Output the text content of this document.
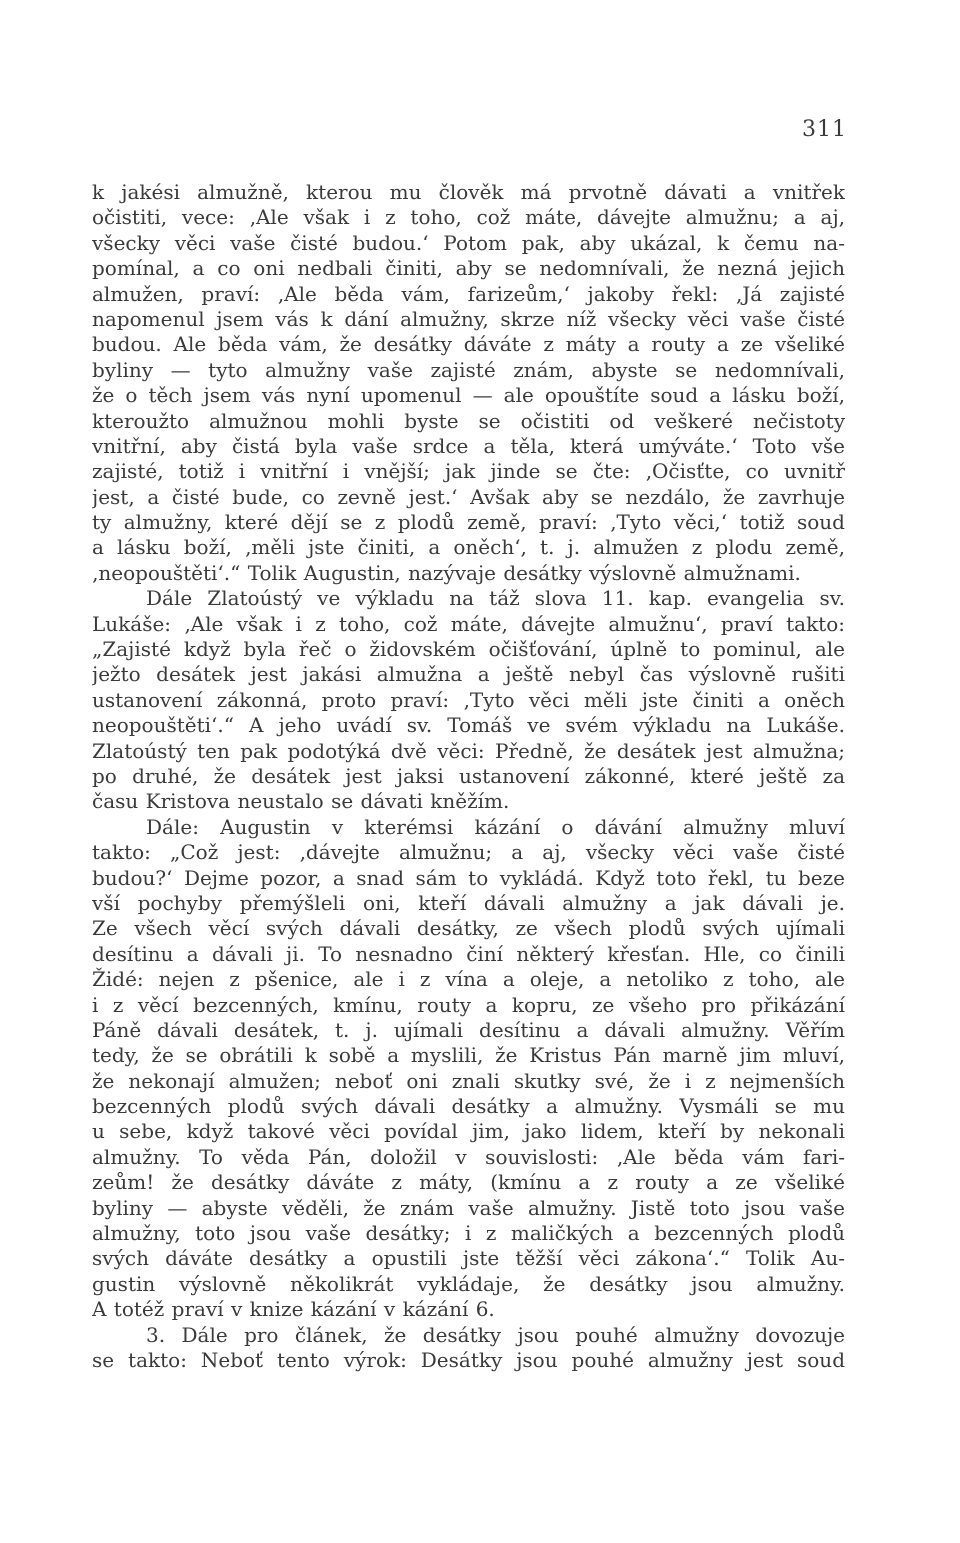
311
k jakési almužně, kterou mu člověk má prvotně dávati a vnitřek
očistiti, vece: ‚Ale však i z toho, což máte, dávejte almužnu; a aj,
všecky věci vaše čisté budou.‘ Potom pak, aby ukázal, k čemu na-
pomínal, a co oni nedbali činiti, aby se nedomnívali, že nezná jejich
almužen, praví: ‚Ale běda vám, farizeům,‘ jakoby řekl: ‚Já zajisté
napomenul jsem vás k dání almužny, skrze níž všecky věci vaše čisté
budou. Ale běda vám, že desátky dáváte z máty a routy a ze všeliké
byliny — tyto almužny vaše zajisté znám, abyste se nedomnívali,
že o těch jsem vás nyní upomenul — ale opouštíte soud a lásku boží,
kteroužto almužnou mohli byste se očistiti od veškeré nečistoty
vnitřní, aby čistá byla vaše srdce a těla, která umýváte.‘ Toto vše
zajisté, totiž i vnitřní i vnější; jak jinde se čte: ‚Očisťte, co uvnitř
jest, a čisté bude, co zevně jest.‘ Avšak aby se nezdálo, že zavrhuje
ty almužny, které dějí se z plodů země, praví: ‚Tyto věci,‘ totiž soud
a lásku boží, ‚měli jste činiti, a oněch‘, t. j. almužen z plodu země,
‚neopouštěti‘.“ Tolik Augustin, nazývaje desátky výslovně almužnami.
Dále Zlatoústý ve výkladu na táž slova 11. kap. evangelia sv.
Lukáše: ‚Ale však i z toho, což máte, dávejte almužnu‘, praví takto:
„Zajisté když byla řeč o židovském očišťování, úplně to pominul, ale
ježto desátek jest jakási almužna a ještě nebyl čas výslovně rušiti
ustanovení zákonná, proto praví: ‚Tyto věci měli jste činiti a oněch
neopouštěti‘.“ A jeho uvádí sv. Tomáš ve svém výkladu na Lukáše.
Zlatoústý ten pak podotýká dvě věci: Předně, že desátek jest almužna;
po druhé, že desátek jest jaksi ustanovení zákonné, které ještě za
času Kristova neustalo se dávati kněžím.
Dále: Augustin v kterémsi kázání o dávání almužny mluví
takto: „Což jest: ‚dávejte almužnu; a aj, všecky věci vaše čisté
budou?‘ Dejme pozor, a snad sám to vykládá. Když toto řekl, tu beze
vší pochyby přemýšleli oni, kteří dávali almužny a jak dávali je.
Ze všech věcí svých dávali desátky, ze všech plodů svých ujímali
desítinu a dávali ji. To nesnadno činí některý křesťan. Hle, co činili
Židé: nejen z pšenice, ale i z vína a oleje, a netoliko z toho, ale
i z věcí bezcenných, kmínu, routy a kopru, ze všeho pro přikázání
Páně dávali desátek, t. j. ujímali desítinu a dávali almužny. Věřím
tedy, že se obrátili k sobě a myslili, že Kristus Pán marně jim mluví,
že nekonají almužen; neboť oni znali skutky své, že i z nejmenších
bezcenných plodů svých dávali desátky a almužny. Vysmáli se mu
u sebe, když takové věci povídal jim, jako lidem, kteří by nekonali
almužny. To věda Pán, doložil v souvislosti: ‚Ale běda vám fari-
zeům! že desátky dáváte z máty, (kmínu a z routy a ze všeliké
byliny — abyste věděli, že znám vaše almužny. Jistě toto jsou vaše
almužny, toto jsou vaše desátky; i z maličkých a bezcenných plodů
svých dáváte desátky a opustili jste těžší věci zákona‘.“ Tolik Au-
gustin výslovně několikrát vykládaje, že desátky jsou almužny.
A totéž praví v knize kázání v kázání 6.
3. Dále pro článek, že desátky jsou pouhé almužny dovozuje
se takto: Neboť tento výrok: Desátky jsou pouhé almužny jest soud
